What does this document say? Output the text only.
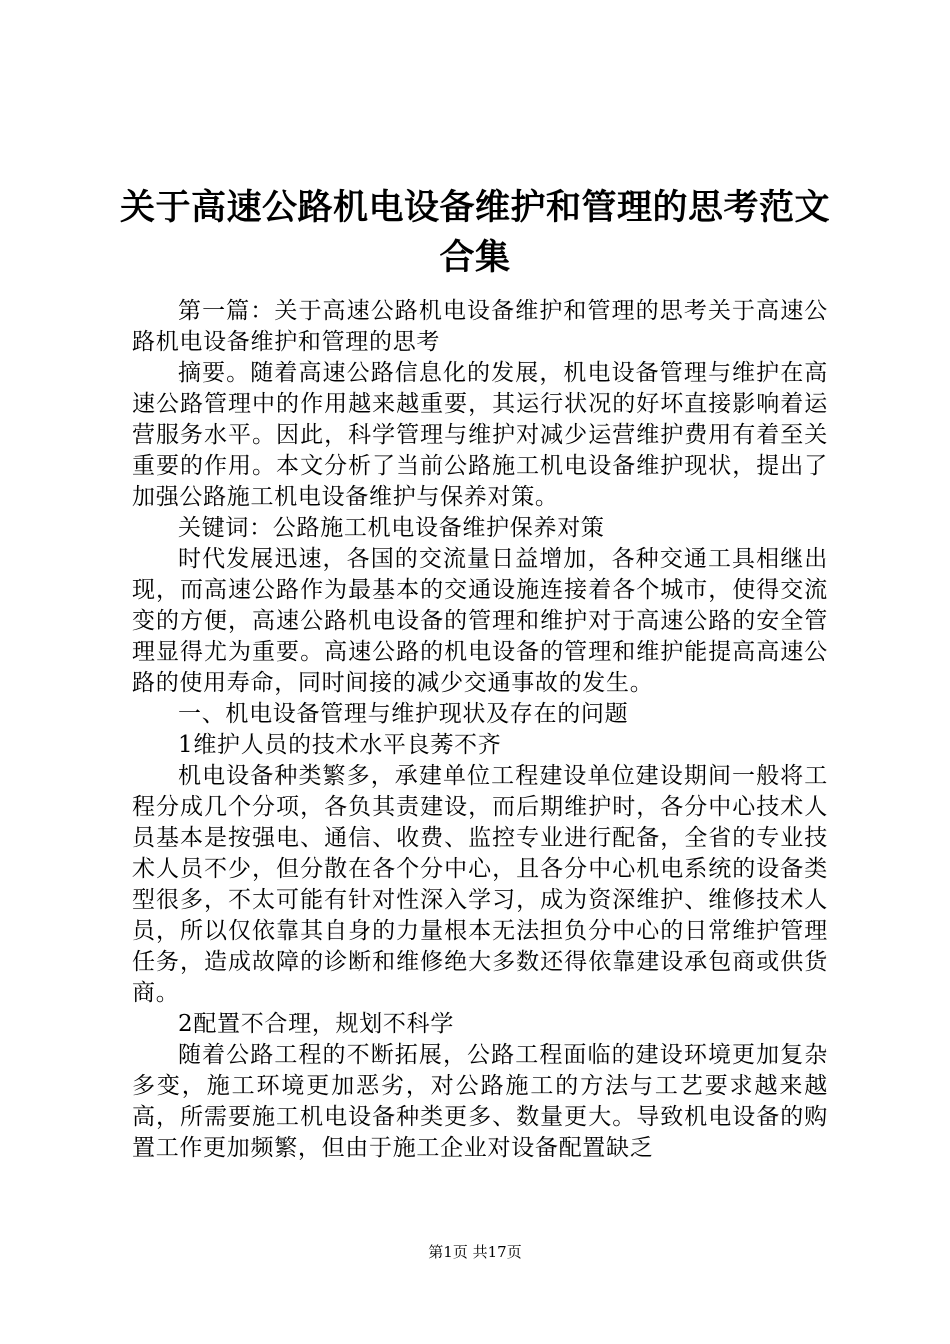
关于高速公路机电设备维护和管理的思考范文合集

第一篇：关于高速公路机电设备维护和管理的思考关于高速公路机电设备维护和管理的思考

摘要。随着高速公路信息化的发展，机电设备管理与维护在高速公路管理中的作用越来越重要，其运行状况的好坏直接影响着运营服务水平。因此，科学管理与维护对减少运营维护费用有着至关重要的作用。本文分析了当前公路施工机电设备维护现状，提出了加强公路施工机电设备维护与保养对策。

关键词：公路施工机电设备维护保养对策

时代发展迅速，各国的交流量日益增加，各种交通工具相继出现，而高速公路作为最基本的交通设施连接着各个城市，使得交流变的方便，高速公路机电设备的管理和维护对于高速公路的安全管理显得尤为重要。高速公路的机电设备的管理和维护能提高高速公路的使用寿命，同时间接的减少交通事故的发生。

一、机电设备管理与维护现状及存在的问题

1维护人员的技术水平良莠不齐

机电设备种类繁多，承建单位工程建设单位建设期间一般将工程分成几个分项，各负其责建设，而后期维护时，各分中心技术人员基本是按强电、通信、收费、监控专业进行配备，全省的专业技术人员不少，但分散在各个分中心，且各分中心机电系统的设备类型很多，不太可能有针对性深入学习，成为资深维护、维修技术人员，所以仅依靠其自身的力量根本无法担负分中心的日常维护管理任务，造成故障的诊断和维修绝大多数还得依靠建设承包商或供货商。

2配置不合理，规划不科学

随着公路工程的不断拓展，公路工程面临的建设环境更加复杂多变，施工环境更加恶劣，对公路施工的方法与工艺要求越来越高，所需要施工机电设备种类更多、数量更大。导致机电设备的购置工作更加频繁，但由于施工企业对设备配置缺乏

第1页 共17页
